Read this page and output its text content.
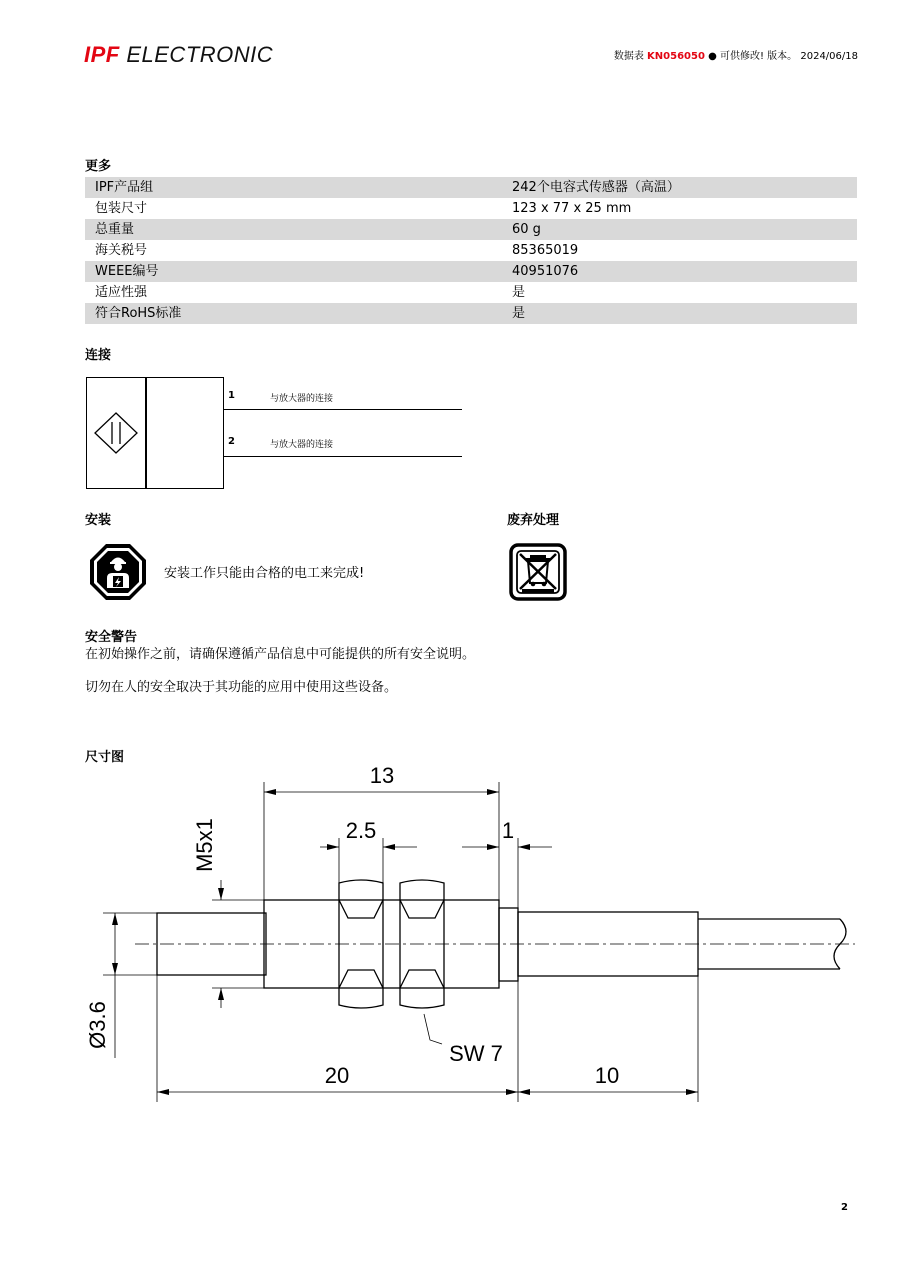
IPF ELECTRONIC	数据表 KN056050 ● 可供修改! 版本。 2024/06/18
更多
IPF产品组	242个电容式传感器（高温）
包装尺寸	123 x 77 x 25 mm
总重量	60 g
海关税号	85365019
WEEE编号	40951076
适应性强	是
符合RoHS标准	是
连接
1	与放大器的连接
2	与放大器的连接
安装
安装工作只能由合格的电工来完成!
废弃处理
安全警告
在初始操作之前，请确保遵循产品信息中可能提供的所有安全说明。
切勿在人的安全取决于其功能的应用中使用这些设备。
尺寸图
13
2.5	1
M5x1
Ø3.6
SW 7
20	10
2
